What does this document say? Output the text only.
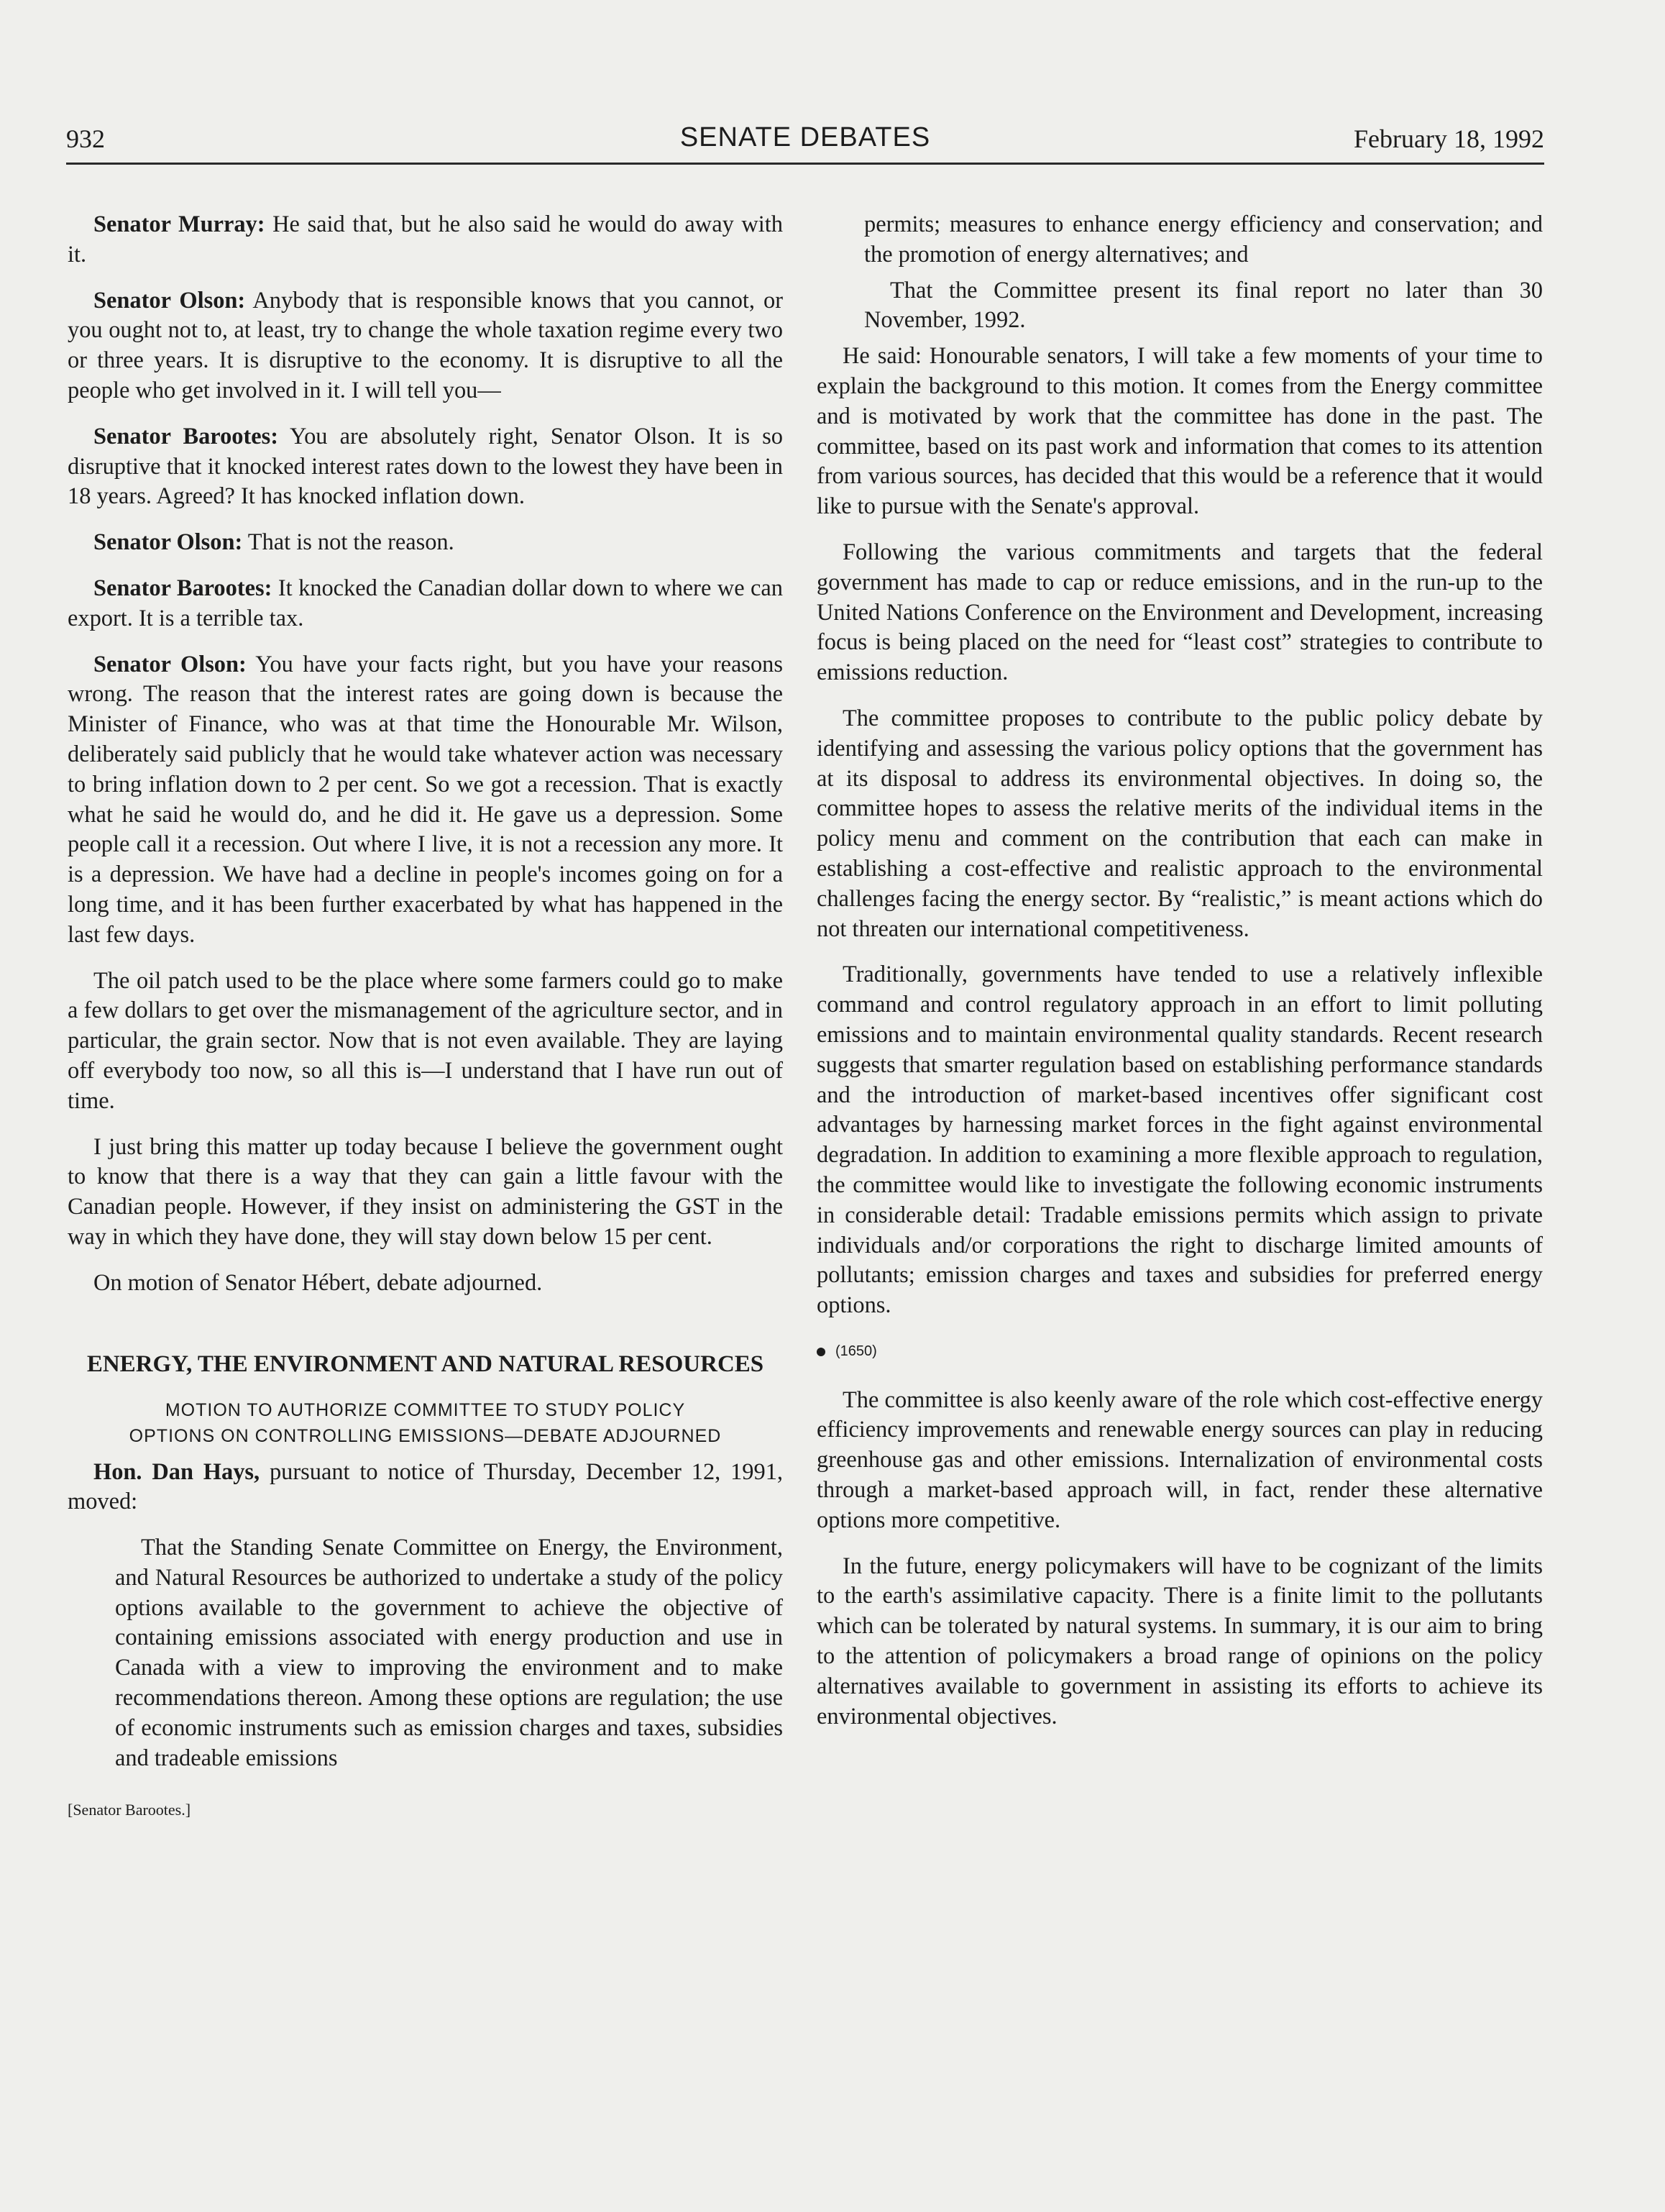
932	SENATE DEBATES	February 18, 1992

Senator Murray: He said that, but he also said he would do away with it.

Senator Olson: Anybody that is responsible knows that you cannot, or you ought not to, at least, try to change the whole taxation regime every two or three years. It is disruptive to the economy. It is disruptive to all the people who get involved in it. I will tell you—

Senator Barootes: You are absolutely right, Senator Olson. It is so disruptive that it knocked interest rates down to the lowest they have been in 18 years. Agreed? It has knocked inflation down.

Senator Olson: That is not the reason.

Senator Barootes: It knocked the Canadian dollar down to where we can export. It is a terrible tax.

Senator Olson: You have your facts right, but you have your reasons wrong. The reason that the interest rates are going down is because the Minister of Finance, who was at that time the Honourable Mr. Wilson, deliberately said publicly that he would take whatever action was necessary to bring inflation down to 2 per cent. So we got a recession. That is exactly what he said he would do, and he did it. He gave us a depression. Some people call it a recession. Out where I live, it is not a recession any more. It is a depression. We have had a decline in people's incomes going on for a long time, and it has been further exacerbated by what has happened in the last few days.

The oil patch used to be the place where some farmers could go to make a few dollars to get over the mismanagement of the agriculture sector, and in particular, the grain sector. Now that is not even available. They are laying off everybody too now, so all this is—I understand that I have run out of time.

I just bring this matter up today because I believe the government ought to know that there is a way that they can gain a little favour with the Canadian people. However, if they insist on administering the GST in the way in which they have done, they will stay down below 15 per cent.

On motion of Senator Hébert, debate adjourned.

ENERGY, THE ENVIRONMENT AND NATURAL RESOURCES
MOTION TO AUTHORIZE COMMITTEE TO STUDY POLICY
OPTIONS ON CONTROLLING EMISSIONS—DEBATE ADJOURNED

Hon. Dan Hays, pursuant to notice of Thursday, December 12, 1991, moved:

That the Standing Senate Committee on Energy, the Environment, and Natural Resources be authorized to undertake a study of the policy options available to the government to achieve the objective of containing emissions associated with energy production and use in Canada with a view to improving the environment and to make recommendations thereon. Among these options are regulation; the use of economic instruments such as emission charges and taxes, subsidies and tradeable emissions

[Senator Barootes.]

permits; measures to enhance energy efficiency and conservation; and the promotion of energy alternatives; and

That the Committee present its final report no later than 30 November, 1992.

He said: Honourable senators, I will take a few moments of your time to explain the background to this motion. It comes from the Energy committee and is motivated by work that the committee has done in the past. The committee, based on its past work and information that comes to its attention from various sources, has decided that this would be a reference that it would like to pursue with the Senate's approval.

Following the various commitments and targets that the federal government has made to cap or reduce emissions, and in the run-up to the United Nations Conference on the Environment and Development, increasing focus is being placed on the need for “least cost” strategies to contribute to emissions reduction.

The committee proposes to contribute to the public policy debate by identifying and assessing the various policy options that the government has at its disposal to address its environmental objectives. In doing so, the committee hopes to assess the relative merits of the individual items in the policy menu and comment on the contribution that each can make in establishing a cost-effective and realistic approach to the environmental challenges facing the energy sector. By “realistic,” is meant actions which do not threaten our international competitiveness.

Traditionally, governments have tended to use a relatively inflexible command and control regulatory approach in an effort to limit polluting emissions and to maintain environmental quality standards. Recent research suggests that smarter regulation based on establishing performance standards and the introduction of market-based incentives offer significant cost advantages by harnessing market forces in the fight against environmental degradation. In addition to examining a more flexible approach to regulation, the committee would like to investigate the following economic instruments in considerable detail: Tradable emissions permits which assign to private individuals and/or corporations the right to discharge limited amounts of pollutants; emission charges and taxes and subsidies for preferred energy options.

(1650)

The committee is also keenly aware of the role which cost-effective energy efficiency improvements and renewable energy sources can play in reducing greenhouse gas and other emissions. Internalization of environmental costs through a market-based approach will, in fact, render these alternative options more competitive.

In the future, energy policymakers will have to be cognizant of the limits to the earth's assimilative capacity. There is a finite limit to the pollutants which can be tolerated by natural systems. In summary, it is our aim to bring to the attention of policymakers a broad range of opinions on the policy alternatives available to government in assisting its efforts to achieve its environmental objectives.
